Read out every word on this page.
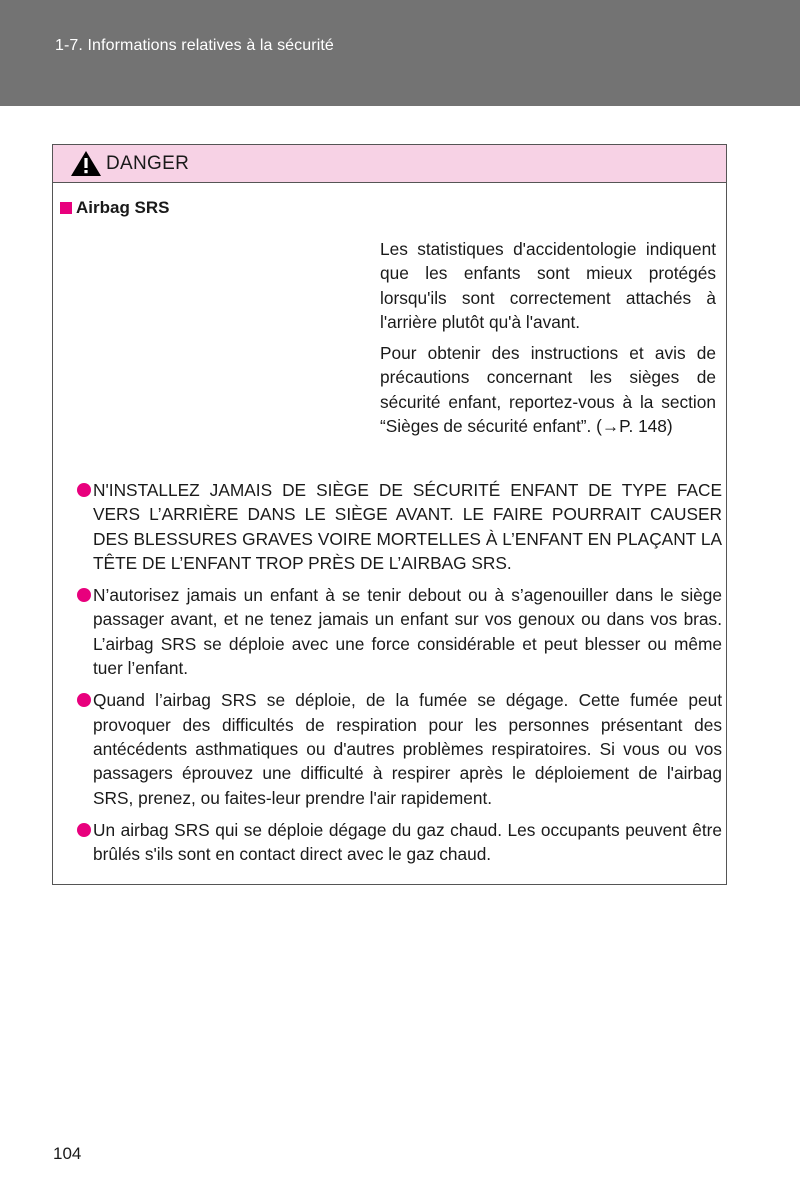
1-7. Informations relatives à la sécurité
DANGER
Airbag SRS

Les statistiques d'accidentologie indiquent que les enfants sont mieux protégés lorsqu'ils sont correctement attachés à l'arrière plutôt qu'à l'avant.

Pour obtenir des instructions et avis de précautions concernant les sièges de sécurité enfant, reportez-vous à la section “Sièges de sécurité enfant”. (→P. 148)

N'INSTALLEZ JAMAIS DE SIÈGE DE SÉCURITÉ ENFANT DE TYPE FACE VERS L’ARRIÈRE DANS LE SIÈGE AVANT. LE FAIRE POURRAIT CAUSER DES BLESSURES GRAVES VOIRE MORTELLES À L’ENFANT EN PLAÇANT LA TÊTE DE L’ENFANT TROP PRÈS DE L’AIRBAG SRS.
N’autorisez jamais un enfant à se tenir debout ou à s’agenouiller dans le siège passager avant, et ne tenez jamais un enfant sur vos genoux ou dans vos bras. L’airbag SRS se déploie avec une force considérable et peut blesser ou même tuer l’enfant.
Quand l’airbag SRS se déploie, de la fumée se dégage. Cette fumée peut provoquer des difficultés de respiration pour les personnes présentant des antécédents asthmatiques ou d'autres problèmes respiratoires. Si vous ou vos passagers éprouvez une difficulté à respirer après le déploiement de l'airbag SRS, prenez, ou faites-leur prendre l'air rapidement.
Un airbag SRS qui se déploie dégage du gaz chaud. Les occupants peuvent être brûlés s'ils sont en contact direct avec le gaz chaud.
104
